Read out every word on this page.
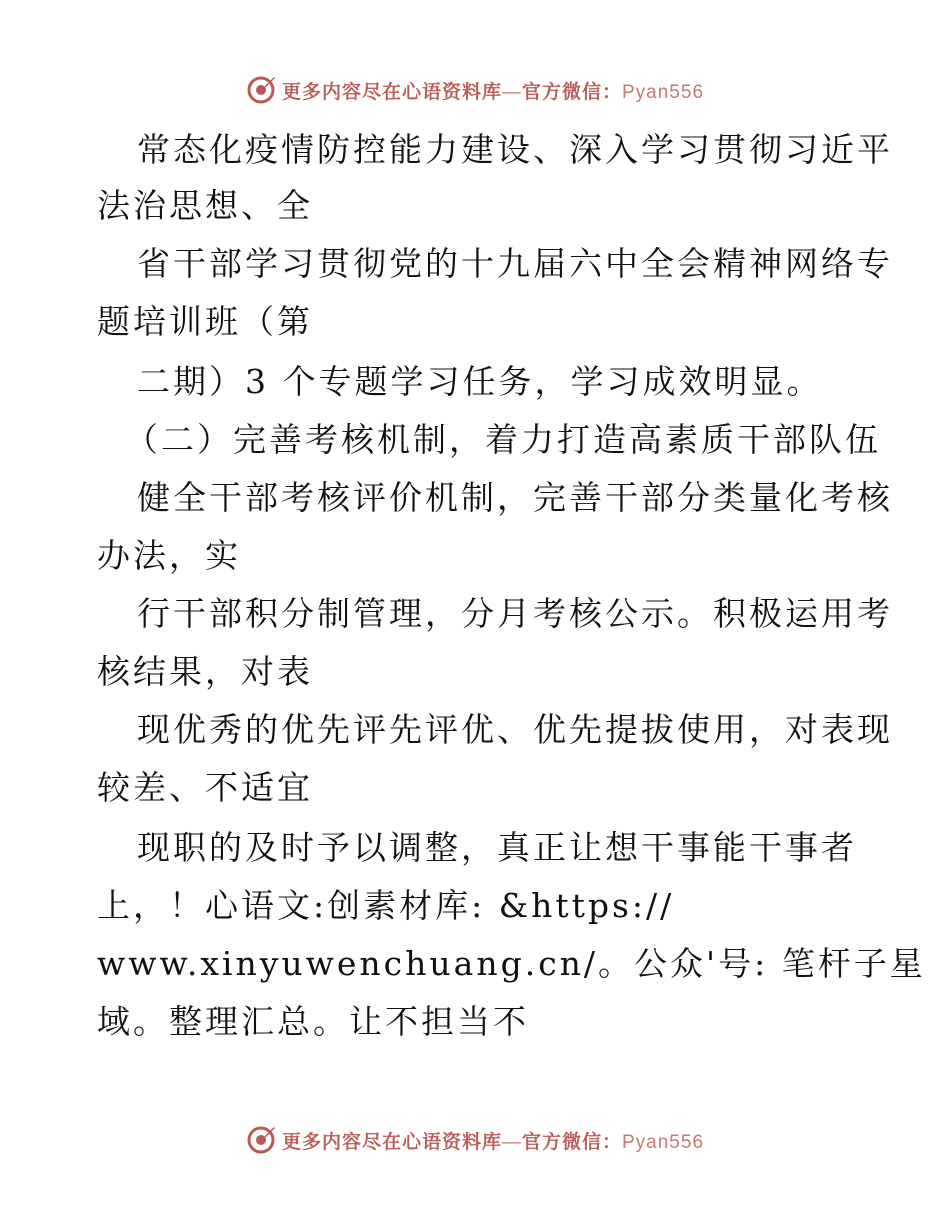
更多内容尽在心语资料库—官方微信：Pyan556
常态化疫情防控能力建设、深入学习贯彻习近平
法治思想、全
省干部学习贯彻党的十九届六中全会精神网络专
题培训班（第
二期）3 个专题学习任务，学习成效明显。
（二）完善考核机制，着力打造高素质干部队伍
健全干部考核评价机制，完善干部分类量化考核
办法，实
行干部积分制管理，分月考核公示。积极运用考
核结果，对表
现优秀的优先评先评优、优先提拔使用，对表现
较差、不适宜
现职的及时予以调整，真正让想干事能干事者
上，！心语文:创素材库: &https://
www.xinyuwenchuang.cn/。公众'号: 笔杆子星
域。整理汇总。让不担当不
更多内容尽在心语资料库—官方微信：Pyan556
